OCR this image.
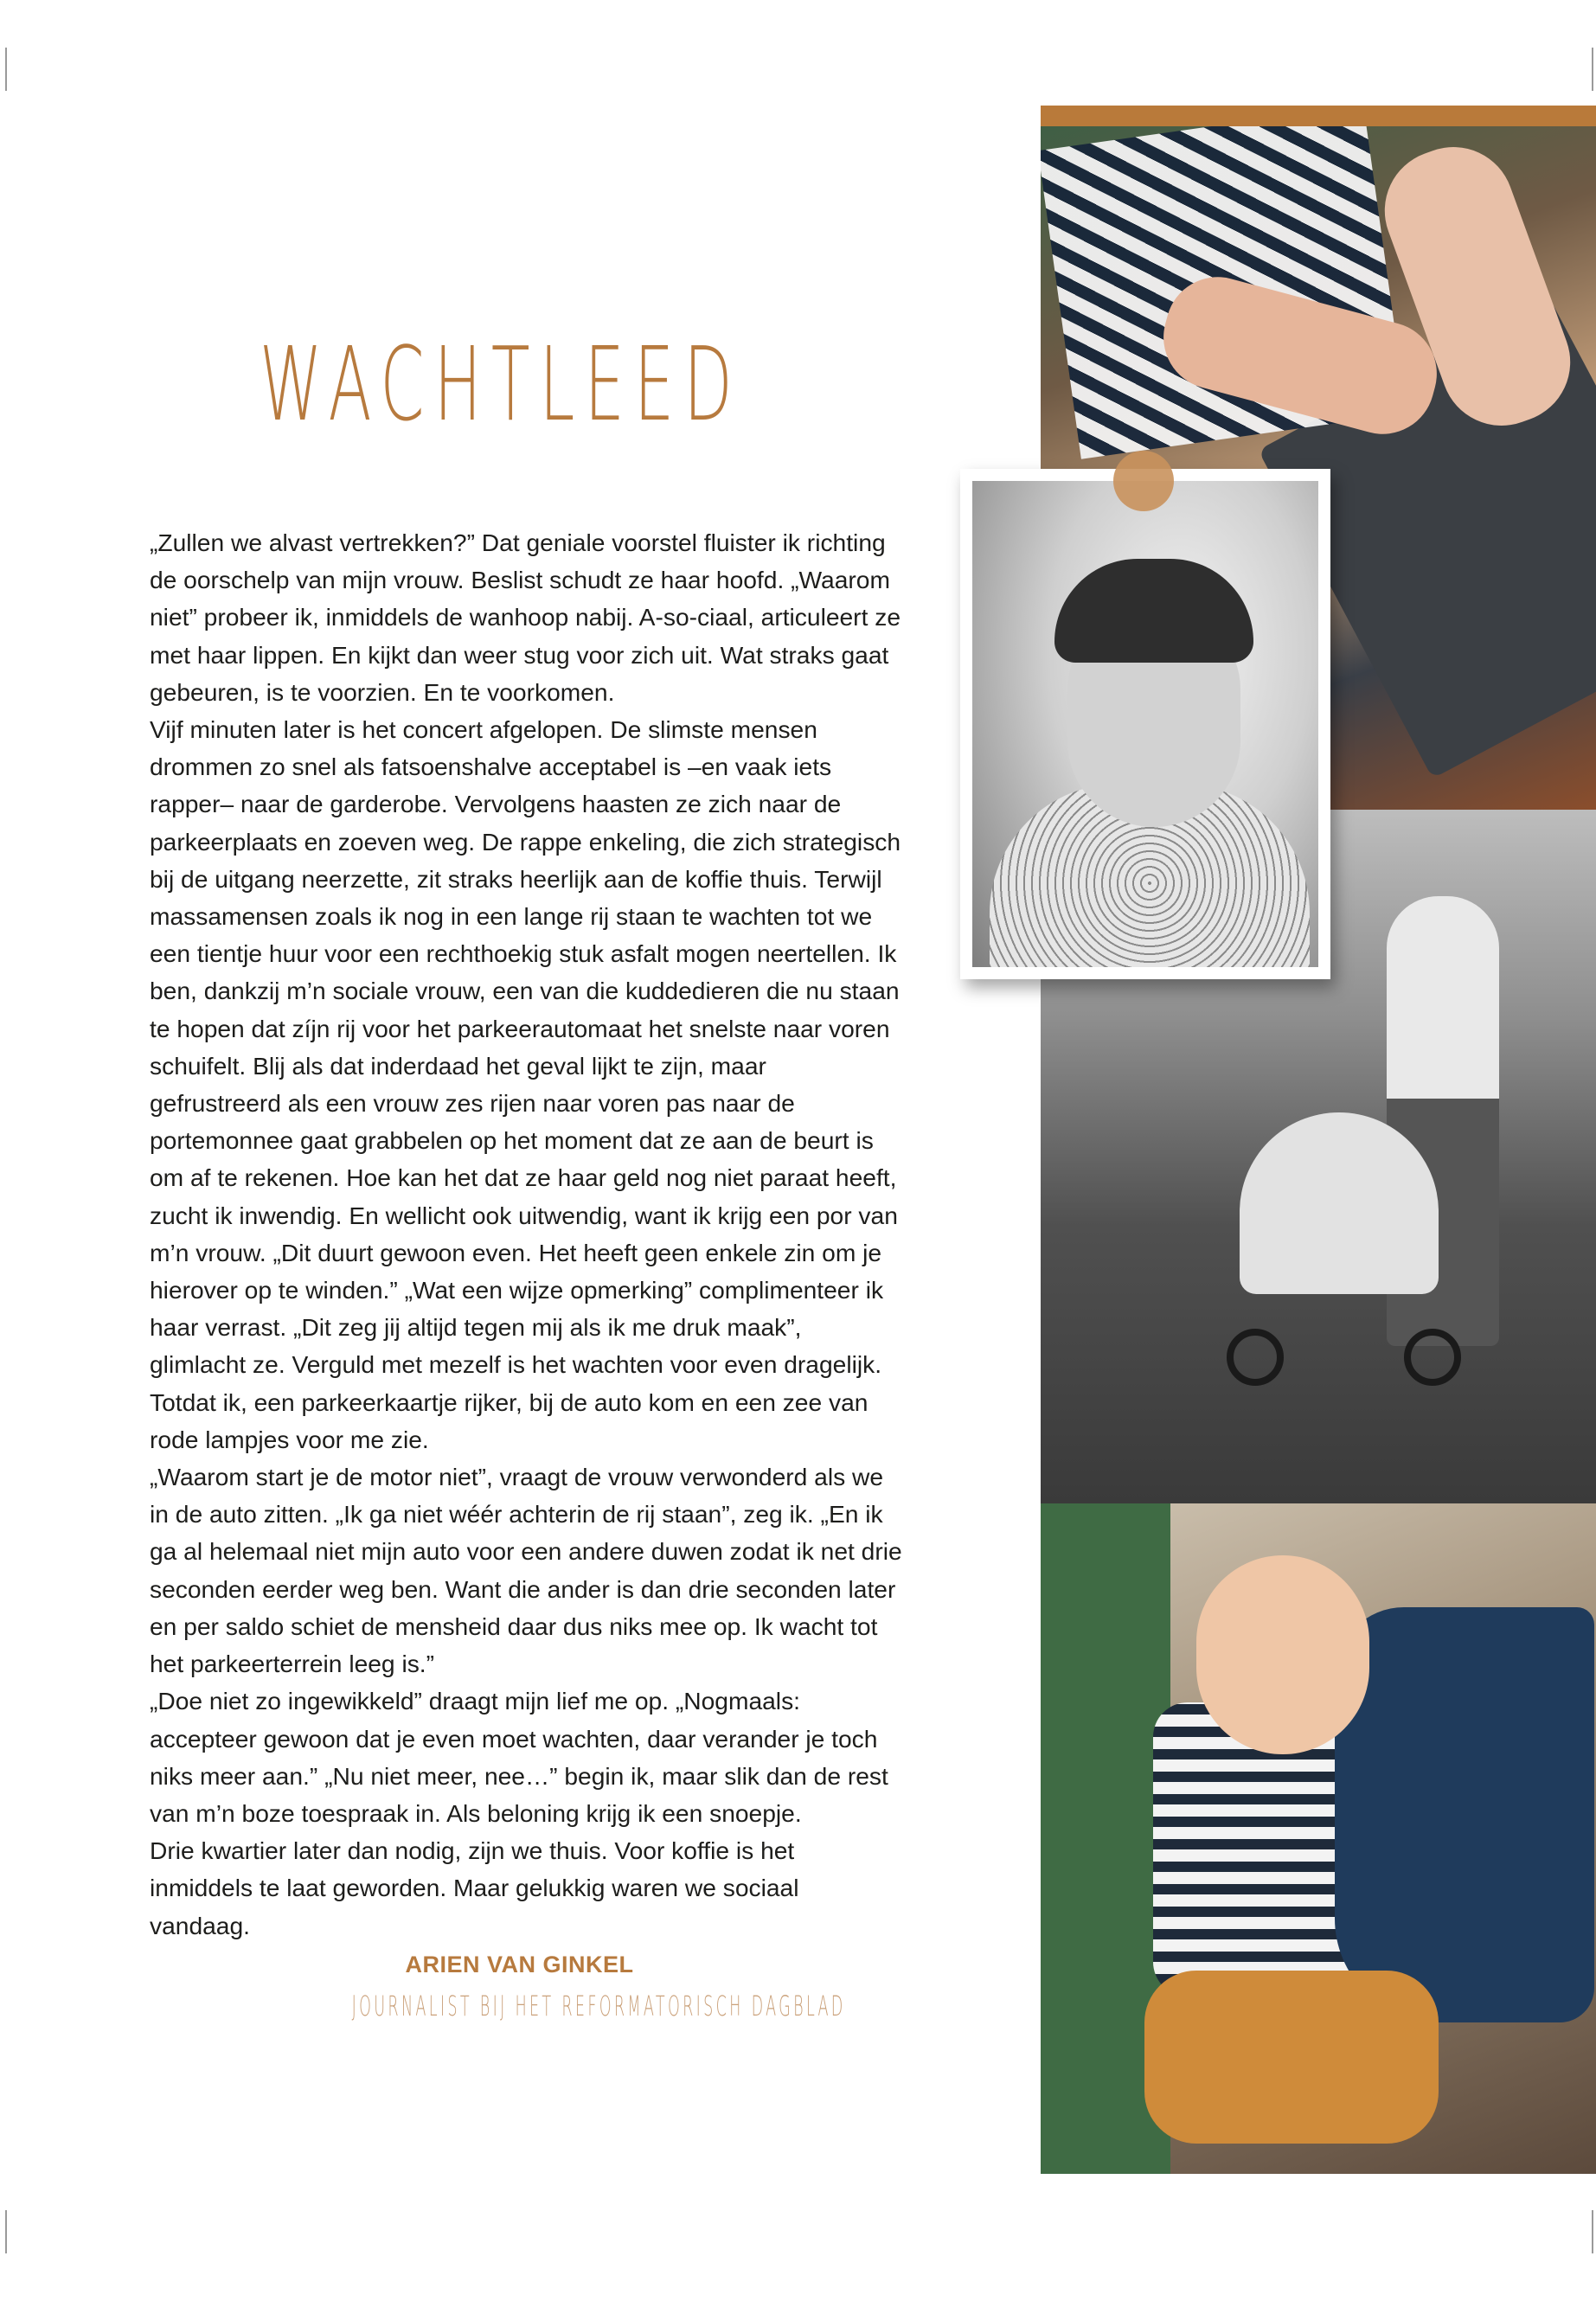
WACHTLEED

„Zullen we alvast vertrekken?” Dat geniale voorstel fluister ik richting de oorschelp van mijn vrouw. Beslist schudt ze haar hoofd. „Waarom niet” probeer ik, inmiddels de wanhoop nabij. A-so-ciaal, articuleert ze met haar lippen. En kijkt dan weer stug voor zich uit. Wat straks gaat gebeuren, is te voorzien. En te voorkomen.

Vijf minuten later is het concert afgelopen. De slimste mensen drommen zo snel als fatsoenshalve acceptabel is –en vaak iets rapper– naar de garderobe. Vervolgens haasten ze zich naar de parkeerplaats en zoeven weg. De rappe enkeling, die zich strategisch bij de uitgang neerzette, zit straks heerlijk aan de koffie thuis. Terwijl massamensen zoals ik nog in een lange rij staan te wachten tot we een tientje huur voor een rechthoekig stuk asfalt mogen neertellen. Ik ben, dankzij m’n sociale vrouw, een van die kuddedieren die nu staan te hopen dat zíjn rij voor het parkeerautomaat het snelste naar voren schuifelt. Blij als dat inderdaad het geval lijkt te zijn, maar gefrustreerd als een vrouw zes rijen naar voren pas naar de portemonnee gaat grabbelen op het moment dat ze aan de beurt is om af te rekenen. Hoe kan het dat ze haar geld nog niet paraat heeft, zucht ik inwendig. En wellicht ook uitwendig, want ik krijg een por van m’n vrouw. „Dit duurt gewoon even. Het heeft geen enkele zin om je hierover op te winden.” „Wat een wijze opmerking” complimenteer ik haar verrast. „Dit zeg jij altijd tegen mij als ik me druk maak”, glimlacht ze. Verguld met mezelf is het wachten voor even dragelijk. Totdat ik, een parkeerkaartje rijker, bij de auto kom en een zee van rode lampjes voor me zie.

„Waarom start je de motor niet”, vraagt de vrouw verwonderd als we in de auto zitten. „Ik ga niet wéér achterin de rij staan”, zeg ik. „En ik ga al helemaal niet mijn auto voor een andere duwen zodat ik net drie seconden eerder weg ben. Want die ander is dan drie seconden later en per saldo schiet de mensheid daar dus niks mee op. Ik wacht tot het parkeerterrein leeg is.”

„Doe niet zo ingewikkeld” draagt mijn lief me op. „Nogmaals: accepteer gewoon dat je even moet wachten, daar verander je toch niks meer aan.” „Nu niet meer, nee…” begin ik, maar slik dan de rest van m’n boze toespraak in. Als beloning krijg ik een snoepje.

Drie kwartier later dan nodig, zijn we thuis. Voor koffie is het inmiddels te laat geworden. Maar gelukkig waren we sociaal vandaag.

ARIEN VAN GINKEL
JOURNALIST BIJ HET REFORMATORISCH DAGBLAD
